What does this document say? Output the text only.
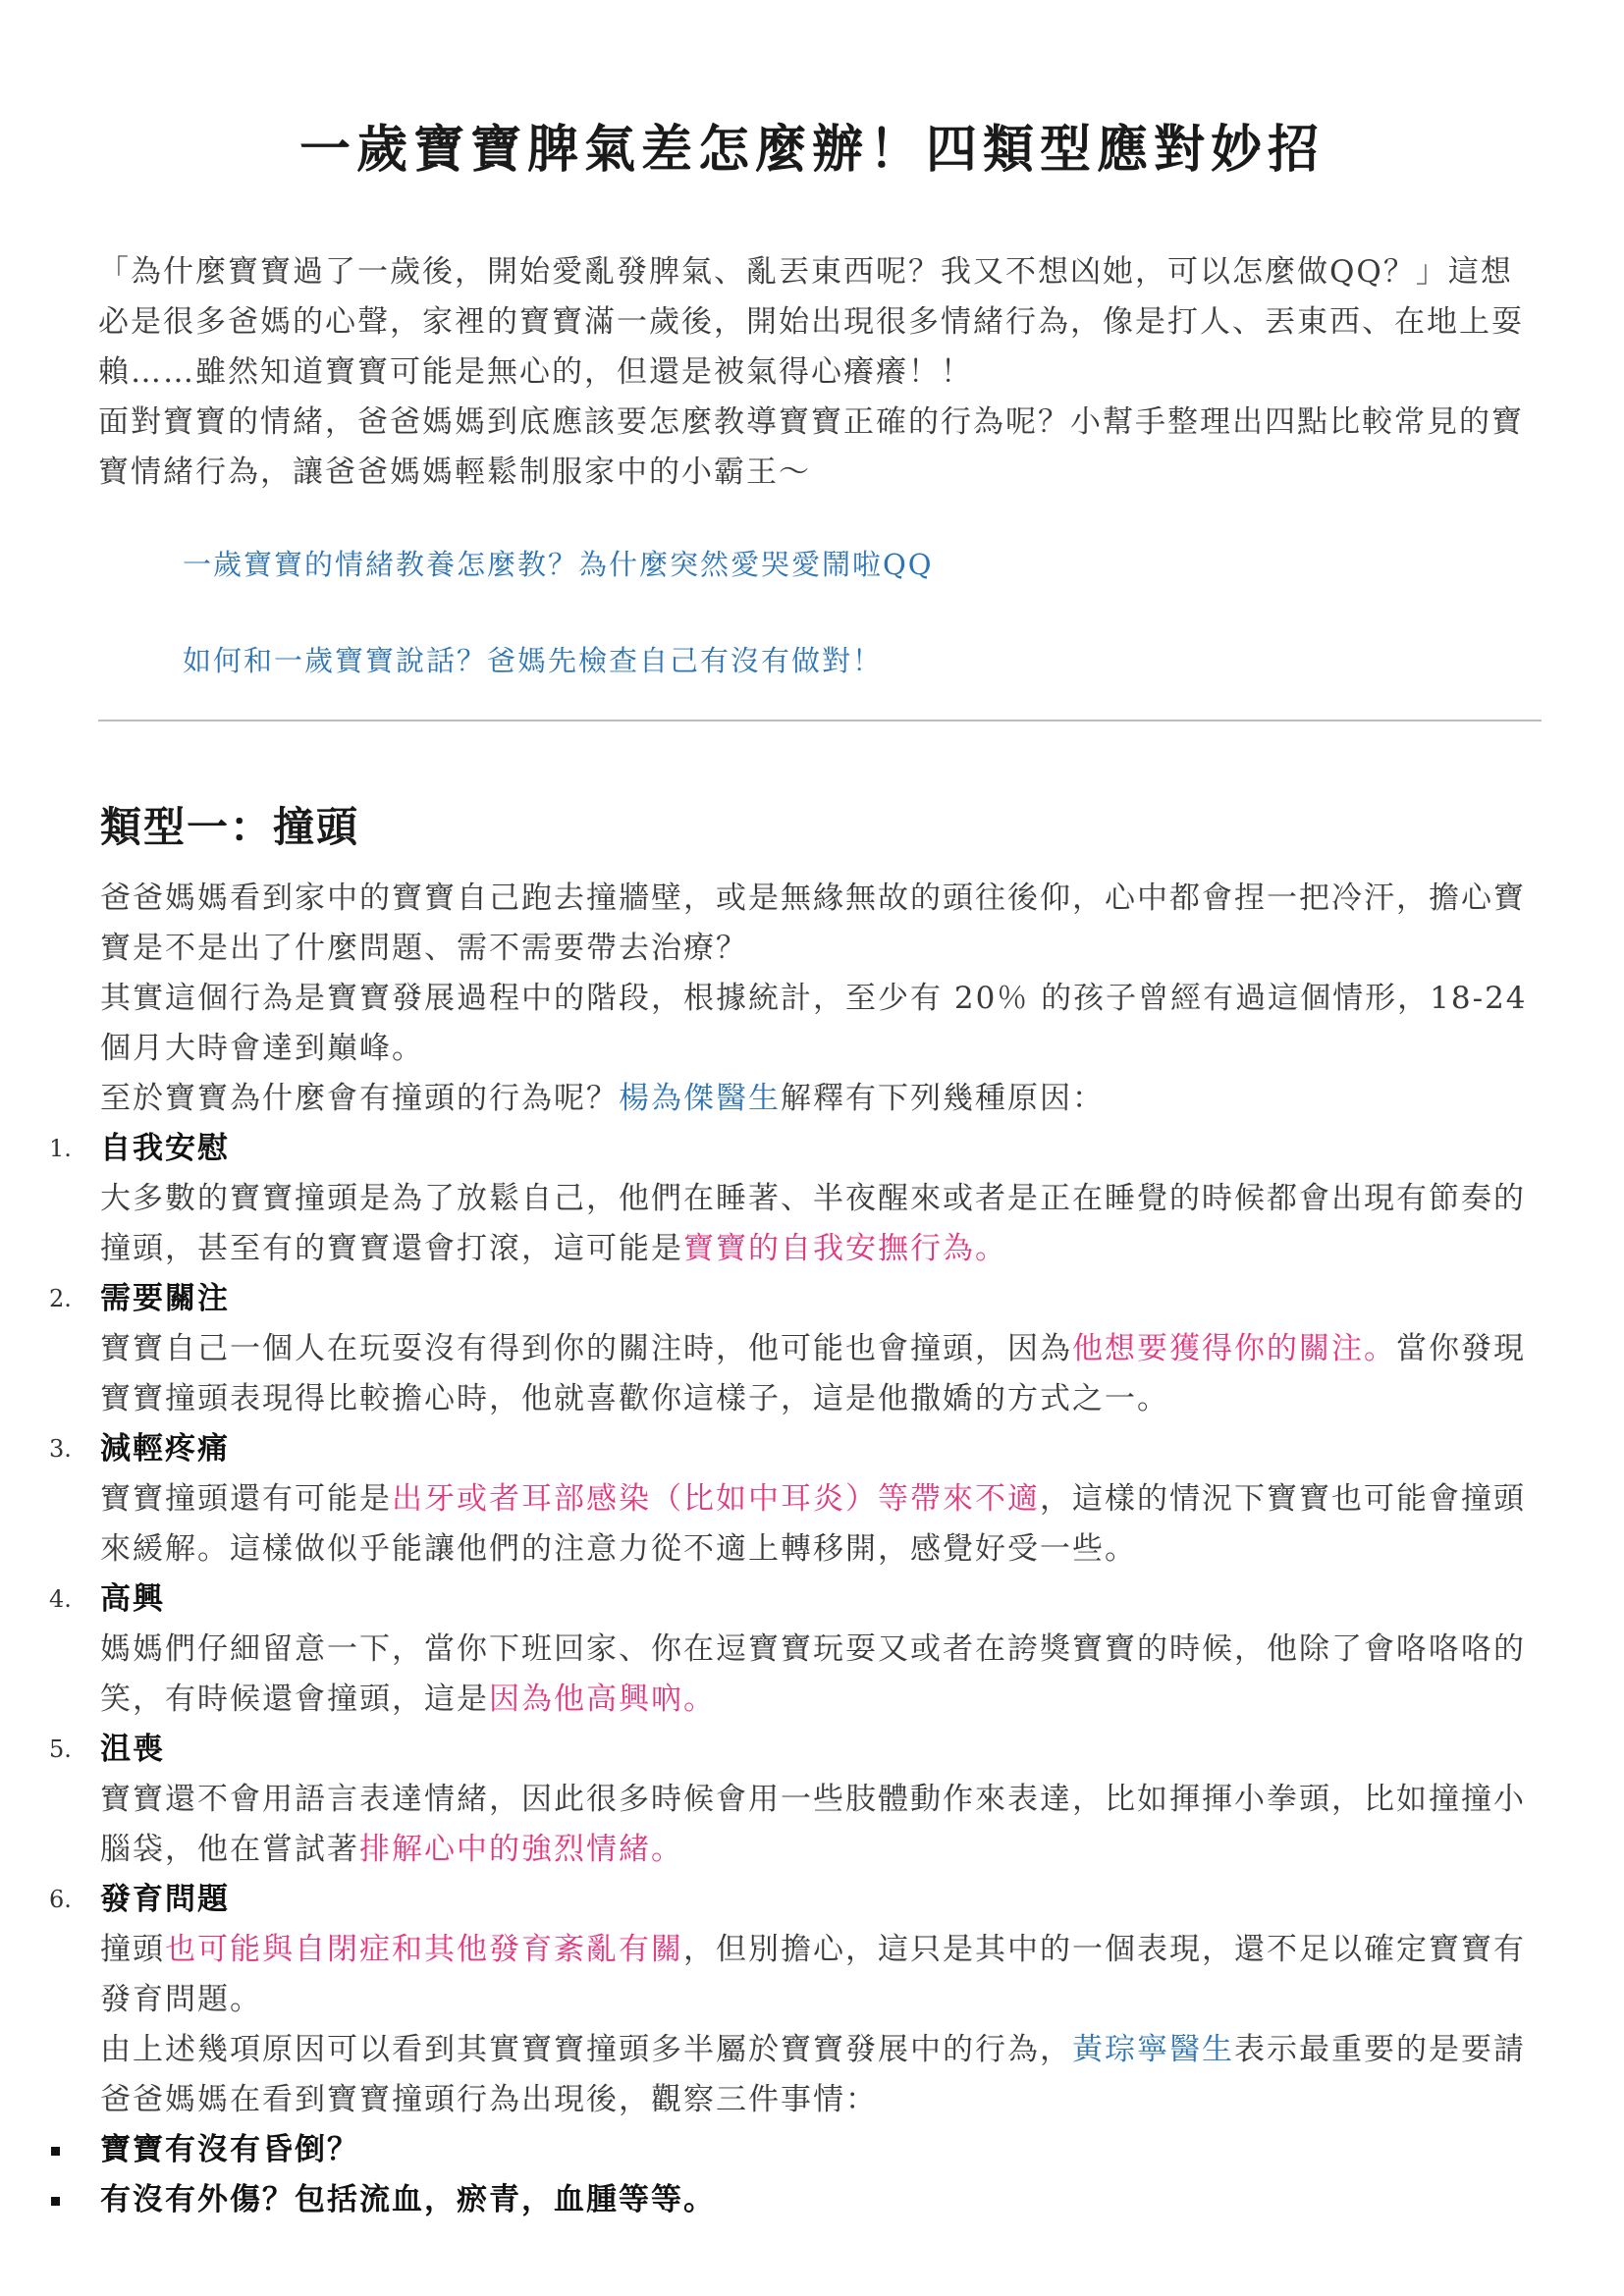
一歲寶寶脾氣差怎麼辦！四類型應對妙招

「為什麼寶寶過了一歲後，開始愛亂發脾氣、亂丟東西呢？我又不想凶她，可以怎麼做QQ？」這想必是很多爸媽的心聲，家裡的寶寶滿一歲後，開始出現很多情緒行為，像是打人、丟東西、在地上耍賴……雖然知道寶寶可能是無心的，但還是被氣得心癢癢！！

面對寶寶的情緒，爸爸媽媽到底應該要怎麼教導寶寶正確的行為呢？小幫手整理出四點比較常見的寶寶情緒行為，讓爸爸媽媽輕鬆制服家中的小霸王～

一歲寶寶的情緒教養怎麼教？為什麼突然愛哭愛鬧啦QQ
如何和一歲寶寶說話？爸媽先檢查自己有沒有做對！
類型一：撞頭

爸爸媽媽看到家中的寶寶自己跑去撞牆壁，或是無緣無故的頭往後仰，心中都會捏一把冷汗，擔心寶寶是不是出了什麼問題、需不需要帶去治療？

其實這個行為是寶寶發展過程中的階段，根據統計，至少有 20％ 的孩子曾經有過這個情形，18-24 個月大時會達到巔峰。

至於寶寶為什麼會有撞頭的行為呢？楊為傑醫生解釋有下列幾種原因：

1. 自我安慰

大多數的寶寶撞頭是為了放鬆自己，他們在睡著、半夜醒來或者是正在睡覺的時候都會出現有節奏的撞頭，甚至有的寶寶還會打滾，這可能是寶寶的自我安撫行為。

2. 需要關注

寶寶自己一個人在玩耍沒有得到你的關注時，他可能也會撞頭，因為他想要獲得你的關注。當你發現寶寶撞頭表現得比較擔心時，他就喜歡你這樣子，這是他撒嬌的方式之一。

3. 減輕疼痛

寶寶撞頭還有可能是出牙或者耳部感染（比如中耳炎）等帶來不適，這樣的情況下寶寶也可能會撞頭來緩解。這樣做似乎能讓他們的注意力從不適上轉移開，感覺好受一些。

4. 高興

媽媽們仔細留意一下，當你下班回家、你在逗寶寶玩耍又或者在誇獎寶寶的時候，他除了會咯咯咯的笑，有時候還會撞頭，這是因為他高興吶。

5. 沮喪

寶寶還不會用語言表達情緒，因此很多時候會用一些肢體動作來表達，比如揮揮小拳頭，比如撞撞小腦袋，他在嘗試著排解心中的強烈情緒。

6. 發育問題

撞頭也可能與自閉症和其他發育紊亂有關，但別擔心，這只是其中的一個表現，還不足以確定寶寶有發育問題。

由上述幾項原因可以看到其實寶寶撞頭多半屬於寶寶發展中的行為，黃琮寧醫生表示最重要的是要請爸爸媽媽在看到寶寶撞頭行為出現後，觀察三件事情：

寶寶有沒有昏倒？
有沒有外傷？包括流血，瘀青，血腫等等。
